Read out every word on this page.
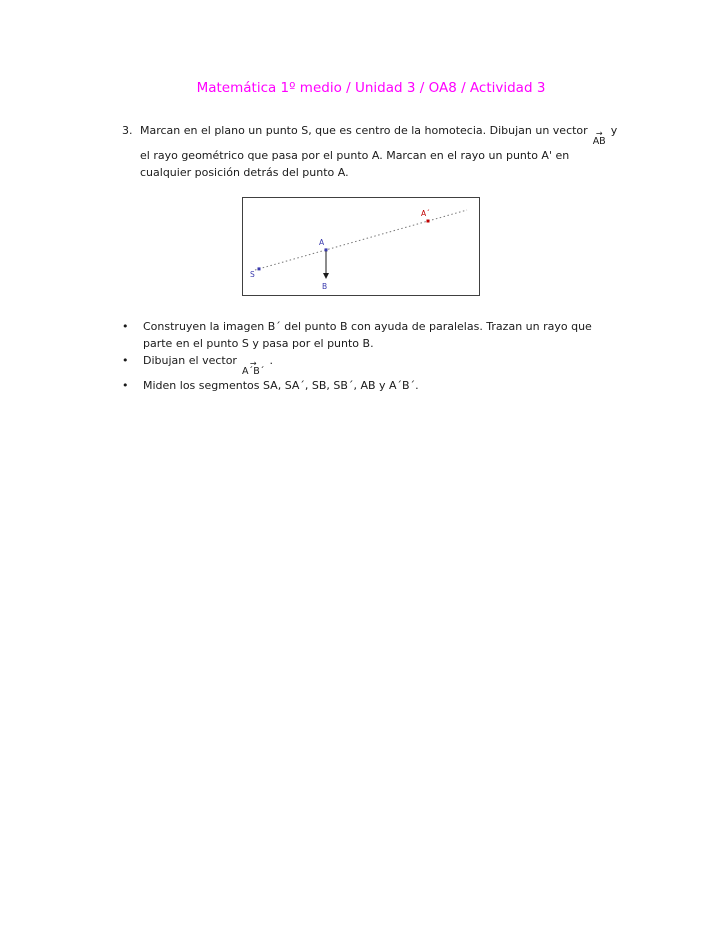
Matemática 1º medio / Unidad 3 / OA8 / Actividad 3
3. Marcan en el plano un punto S, que es centro de la homotecia. Dibujan un vector →
AB
y el rayo geométrico que pasa por el punto A. Marcan en el rayo un punto A' en cualquier posición detrás del punto A.

S
A
B
A´
•	Construyen la imagen B´ del punto B con ayuda de paralelas. Trazan un rayo que parte en el punto S y pasa por el punto B.

•	Dibujan el vector →
A´B´
.

•	Miden los segmentos SA, SA´, SB, SB´, AB y A´B´.
